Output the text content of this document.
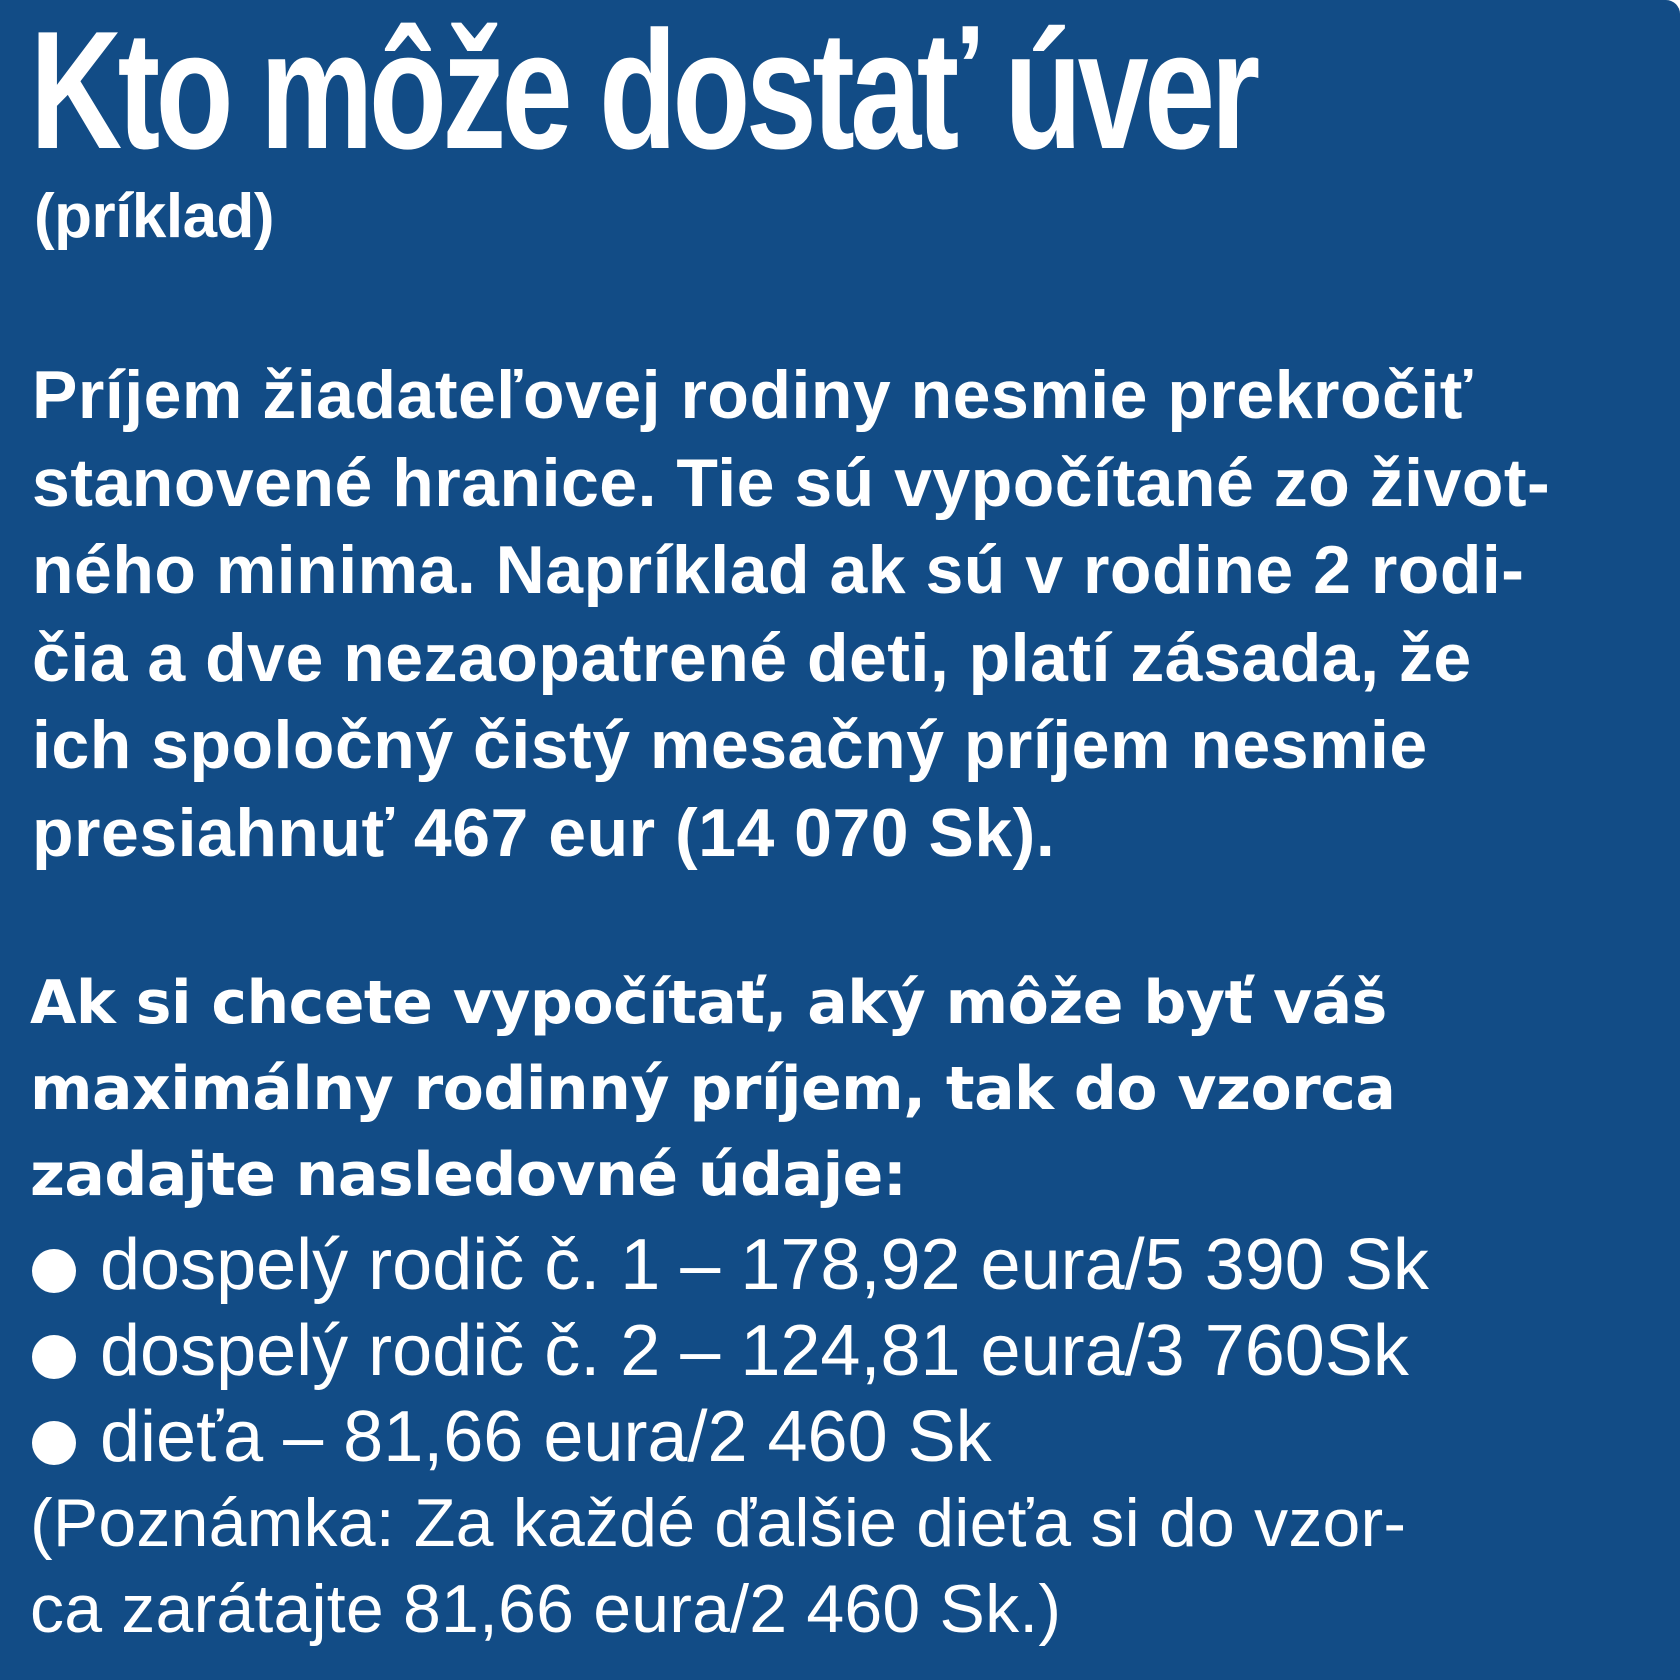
Kto môže dostať úver

(príklad)

Príjem žiadateľovej rodiny nesmie prekročiť
stanovené hranice. Tie sú vypočítané zo život-
ného minima. Napríklad ak sú v rodine 2 rodi-
čia a dve nezaopatrené deti, platí zásada, že
ich spoločný čistý mesačný príjem nesmie
presiahnuť 467 eur (14 070 Sk).

Ak si chcete vypočítať, aký môže byť váš
maximálny rodinný príjem, tak do vzorca
zadajte nasledovné údaje:

dospelý rodič č. 1 – 178,92 eura/5 390 Sk
dospelý rodič č. 2 – 124,81 eura/3 760Sk
dieťa – 81,66 eura/2 460 Sk

(Poznámka: Za každé ďalšie dieťa si do vzor-
ca zarátajte 81,66 eura/2 460 Sk.)
